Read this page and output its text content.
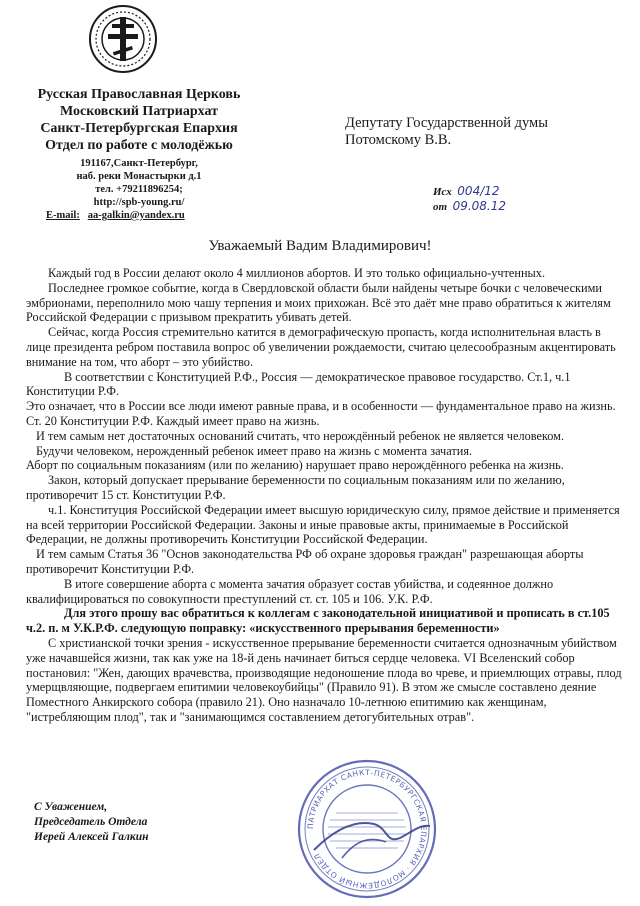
Русская Православная Церковь
Московский Патриархат
Санкт-Петербургская Епархия
Отдел по работе с молодёжью
191167,Санкт-Петербург,
наб. реки Монастырки д.1
тел. +79211896254;
http://spb-young.ru/
E-mail: aa-galkin@yandex.ru
Депутату Государственной думы
Потомскому В.В.
Исх 004/12
от 09.08.12
Уважаемый Вадим Владимирович!

Каждый год в России делают около 4 миллионов абортов. И это только официально-учтенных.

Последнее громкое событие, когда в Свердловской области были найдены четыре бочки с человеческими эмбрионами, переполнило мою чашу терпения и моих прихожан. Всё это даёт мне право обратиться к жителям Российской Федерации с призывом прекратить убивать детей.

Сейчас, когда Россия стремительно катится в демографическую пропасть, когда исполнительная власть в лице президента ребром поставила вопрос об увеличении рождаемости, считаю целесообразным акцентировать внимание на том, что аборт – это убийство.

В соответствии с Конституцией Р.Ф., Россия — демократическое правовое государство. Ст.1, ч.1 Конституции Р.Ф.

Это означает, что в России все люди имеют равные права, и в особенности — фундаментальное право на жизнь. Ст. 20 Конституции Р.Ф. Каждый имеет право на жизнь.

И тем самым нет достаточных оснований считать, что нерождённый ребенок не является человеком.

Будучи человеком, нерожденный ребенок имеет право на жизнь с момента зачатия.

Аборт по социальным показаниям (или по желанию) нарушает право нерождённого ребенка на жизнь.

Закон, который допускает прерывание беременности по социальным показаниям или по желанию, противоречит 15 ст. Конституции Р.Ф.

ч.1. Конституция Российской Федерации имеет высшую юридическую силу, прямое действие и применяется на всей территории Российской Федерации. Законы и иные правовые акты, принимаемые в Российской Федерации, не должны противоречить Конституции Российской Федерации.

И тем самым Статья 36 "Основ законодательства РФ об охране здоровья граждан" разрешающая аборты противоречит Конституции Р.Ф.

В итоге совершение аборта с момента зачатия образует состав убийства, и содеянное должно квалифицироваться по совокупности преступлений ст. ст. 105 и 106. У.К. Р.Ф.

Для этого прошу вас обратиться к коллегам с законодательной инициативой и прописать в ст.105 ч.2. п. м У.К.Р.Ф. следующую поправку: «искусственного прерывания беременности»

С христианской точки зрения - искусственное прерывание беременности считается однозначным убийством уже начавшейся жизни, так как уже на 18-й день начинает биться сердце человека. VI Вселенский собор постановил: "Жен, дающих врачевства, производящие недоношение плода во чреве, и приемлющих отравы, плод умерщвляющие, подвергаем епитимии человекоубийцы" (Правило 91). В этом же смысле составлено деяние Поместного Анкирского собора (правило 21). Оно назначало 10-летнюю епитимию как женщинам, "истребляющим плод", так и "занимающимся составлением детогубительных отрав".

С Уважением,
Председатель Отдела
Иерей Алексей Галкин
ПАТРИАРХАТ САНКТ-ПЕТЕРБУРГСКАЯ ЕПАРХИЯ · МОЛОДЕЖНЫЙ ОТДЕЛ
